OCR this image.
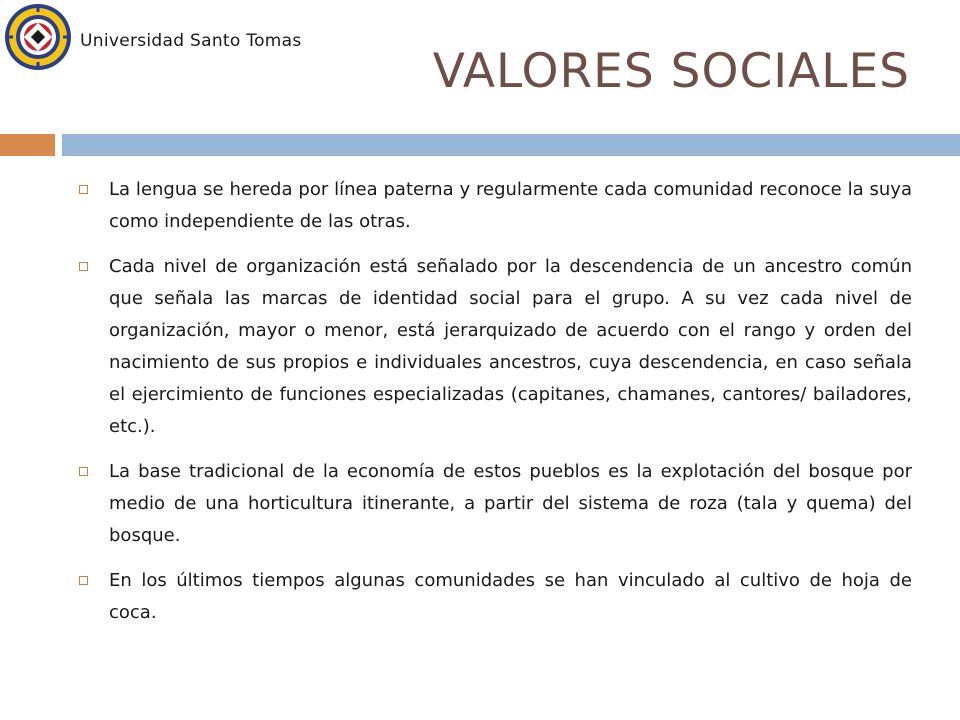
Universidad Santo Tomas
VALORES SOCIALES
La lengua se hereda por línea paterna y regularmente cada comunidad reconoce la suya como independiente de las otras.
Cada nivel de organización está señalado por la descendencia de un ancestro común que señala las marcas de identidad social para el grupo. A su vez cada nivel de organización, mayor o menor, está jerarquizado de acuerdo con el rango y orden del nacimiento de sus propios e individuales ancestros, cuya descendencia, en caso señala el ejercimiento de funciones especializadas (capitanes, chamanes, cantores/ bailadores, etc.).
La base tradicional de la economía de estos pueblos es la explotación del bosque por medio de una horticultura itinerante, a partir del sistema de roza (tala y quema) del bosque.
En los últimos tiempos algunas comunidades se han vinculado al cultivo de hoja de coca.
